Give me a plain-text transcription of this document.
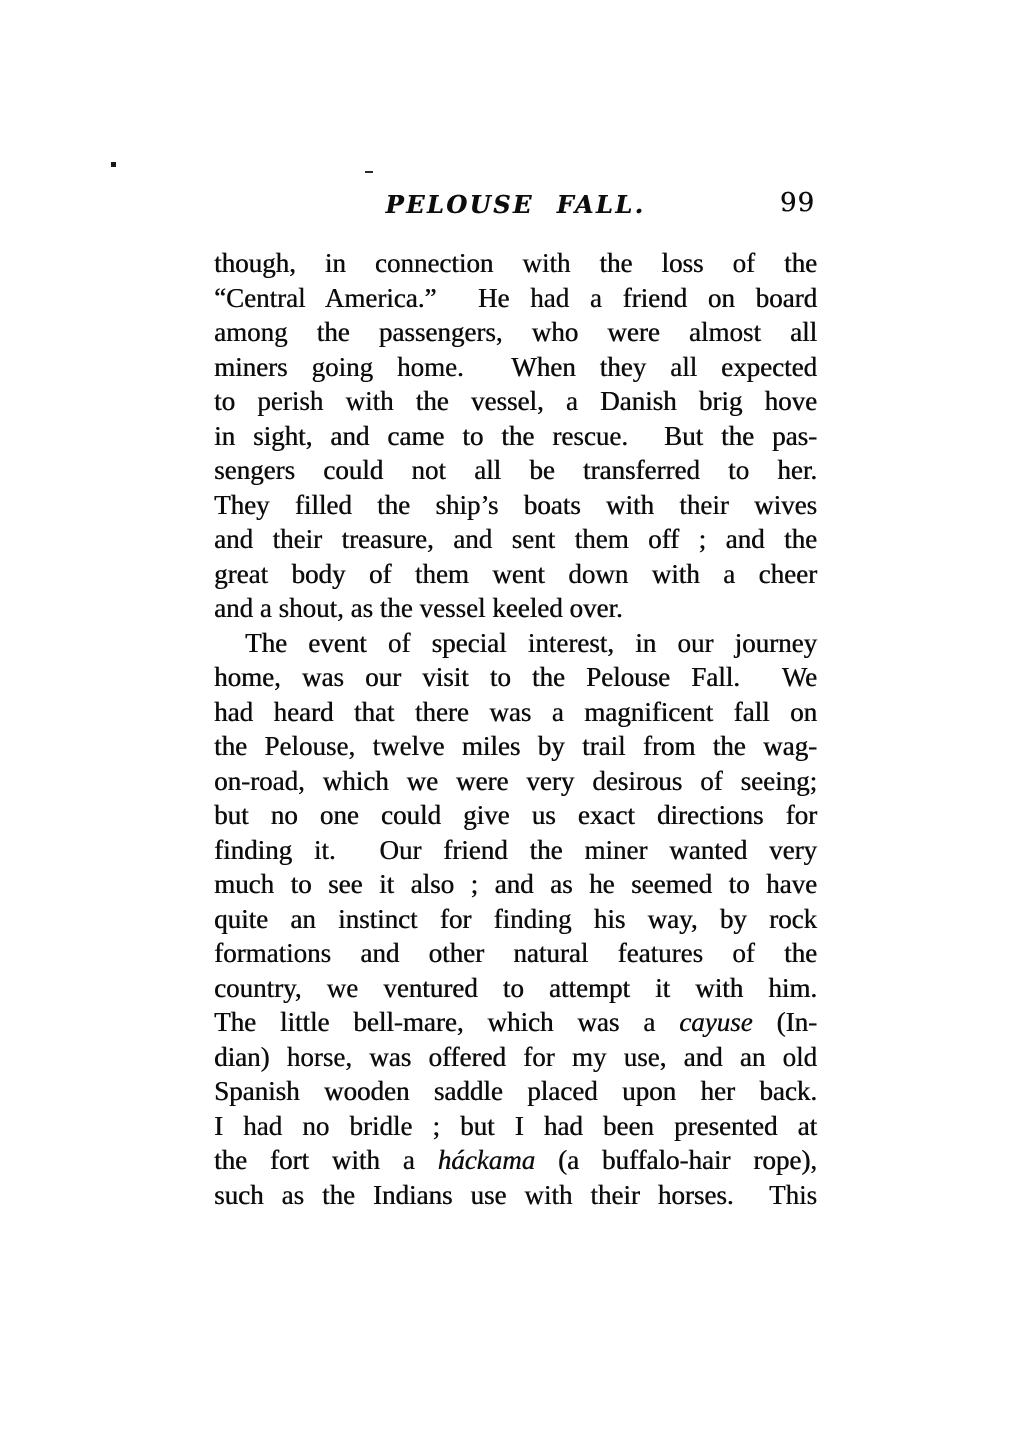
PELOUSE FALL.	99
though, in connection with the loss of the
“Central America.”  He had a friend on board
among the passengers, who were almost all
miners going home.  When they all expected
to perish with the vessel, a Danish brig hove
in sight, and came to the rescue.  But the pas-
sengers could not all be transferred to her.
They filled the ship’s boats with their wives
and their treasure, and sent them off ; and the
great body of them went down with a cheer
and a shout, as the vessel keeled over.
The event of special interest, in our journey
home, was our visit to the Pelouse Fall.  We
had heard that there was a magnificent fall on
the Pelouse, twelve miles by trail from the wag-
on-road, which we were very desirous of seeing;
but no one could give us exact directions for
finding it.  Our friend the miner wanted very
much to see it also ; and as he seemed to have
quite an instinct for finding his way, by rock
formations and other natural features of the
country, we ventured to attempt it with him.
The little bell-mare, which was a cayuse (In-
dian) horse, was offered for my use, and an old
Spanish wooden saddle placed upon her back.
I had no bridle ; but I had been presented at
the fort with a háckama (a buffalo-hair rope),
such as the Indians use with their horses.  This
